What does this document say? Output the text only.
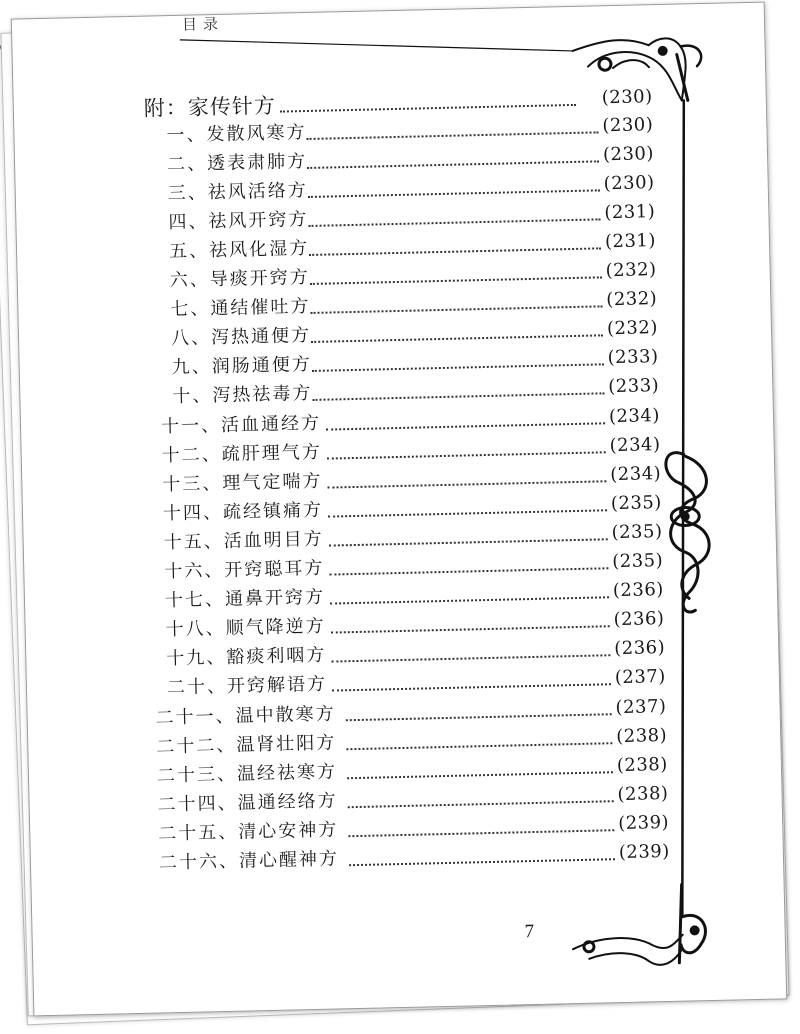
目录
附：家传针方	(230)
一、发散风寒方	(230)
二、透表肃肺方	(230)
三、祛风活络方	(230)
四、祛风开窍方	(231)
五、祛风化湿方	(231)
六、导痰开窍方	(232)
七、通结催吐方	(232)
八、泻热通便方	(232)
九、润肠通便方	(233)
十、泻热祛毒方	(233)
十一、活血通经方	(234)
十二、疏肝理气方	(234)
十三、理气定喘方	(234)
十四、疏经镇痛方	(235)
十五、活血明目方	(235)
十六、开窍聪耳方	(235)
十七、通鼻开窍方	(236)
十八、顺气降逆方	(236)
十九、豁痰利咽方	(236)
二十、开窍解语方	(237)
二十一、温中散寒方	(237)
二十二、温肾壮阳方	(238)
二十三、温经祛寒方	(238)
二十四、温通经络方	(238)
二十五、清心安神方	(239)
二十六、清心醒神方	(239)
7
